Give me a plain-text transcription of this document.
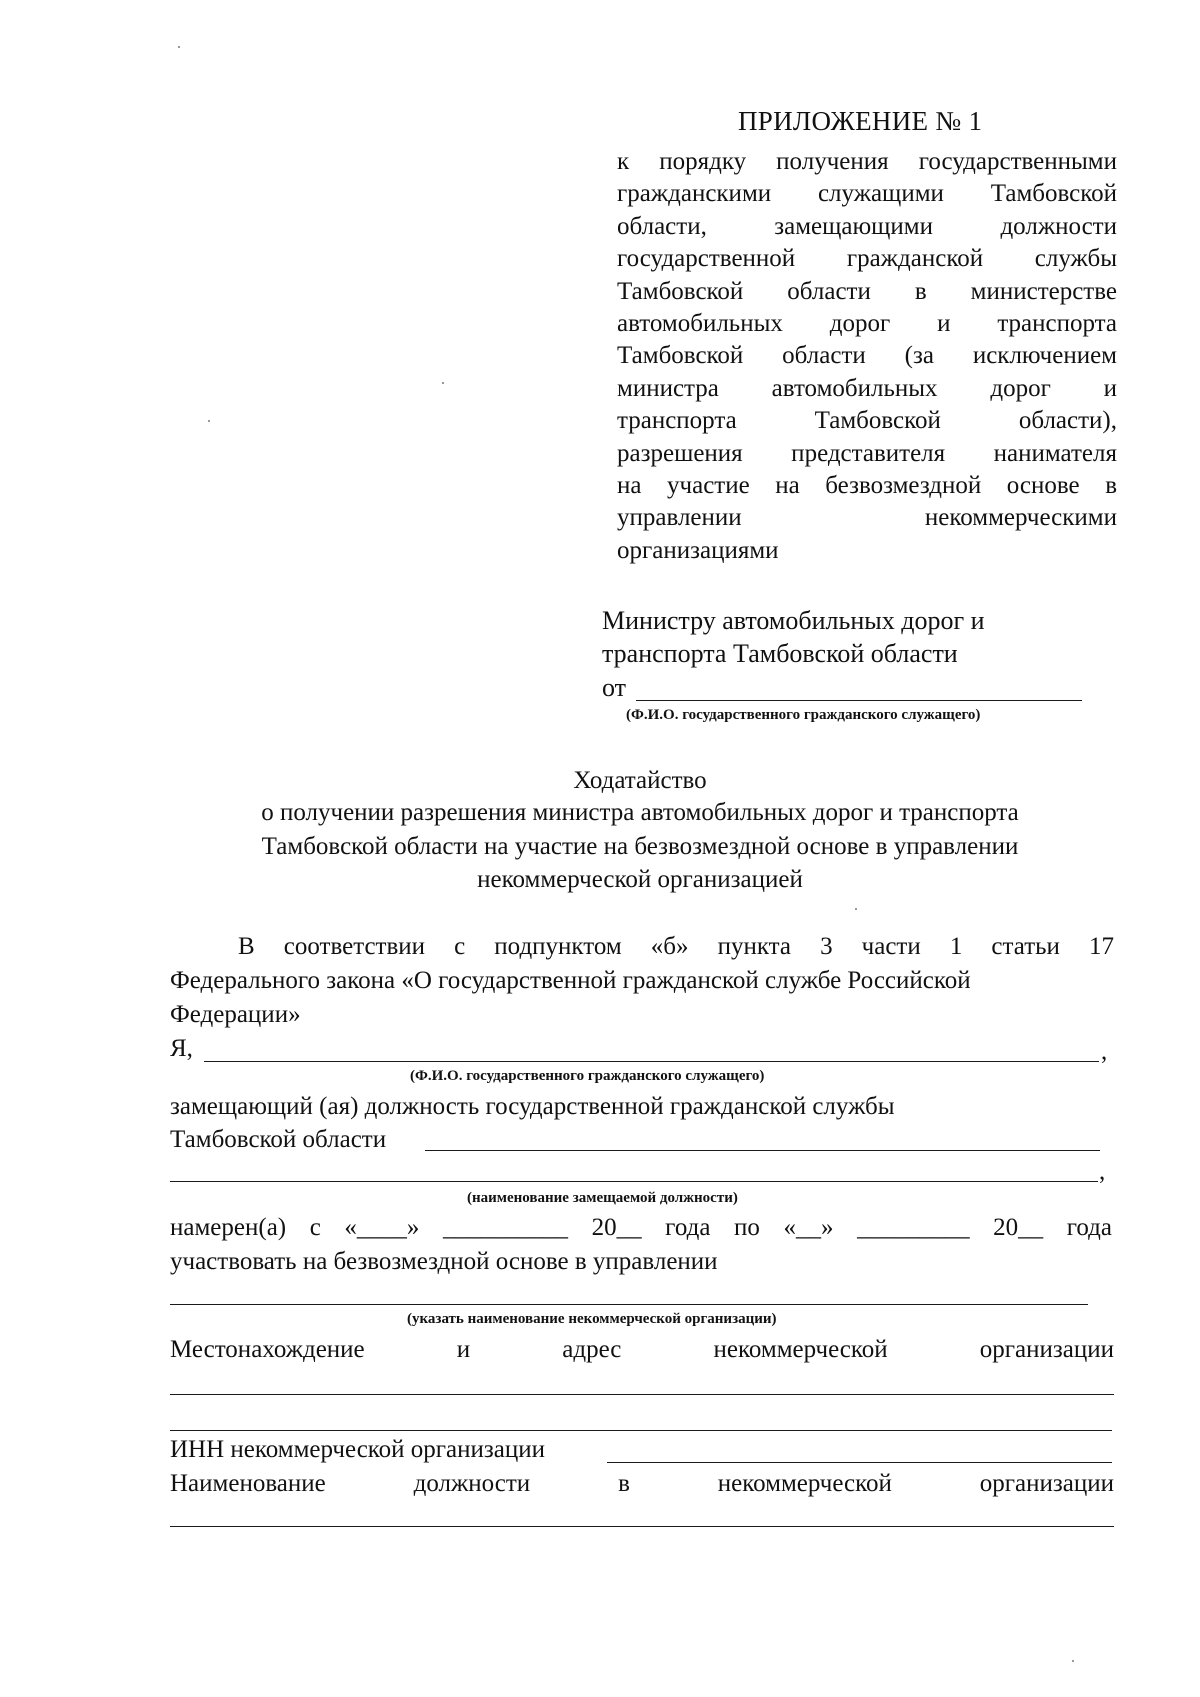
ПРИЛОЖЕНИЕ № 1
к порядку получения государственными
гражданскими служащими Тамбовской
области, замещающими должности
государственной гражданской службы
Тамбовской области в министерстве
автомобильных дорог и транспорта
Тамбовской области (за исключением
министра автомобильных дорог и
транспорта Тамбовской области),
разрешения представителя нанимателя
на участие на безвозмездной основе в
управлении некоммерческими
организациями
Министру автомобильных дорог и
транспорта Тамбовской области
от
(Ф.И.О. государственного гражданского служащего)
Ходатайство
о получении разрешения министра автомобильных дорог и транспорта
Тамбовской области на участие на безвозмездной основе в управлении
некоммерческой организацией
В соответствии с подпунктом «б» пункта 3 части 1 статьи 17
Федерального закона «О государственной гражданской службе Российской
Федерации»
Я,	,
(Ф.И.О. государственного гражданского служащего)
замещающий (ая) должность государственной гражданской службы
Тамбовской области
,
(наименование замещаемой должности)
намерен(а) с «____» __________ 20__ года по «__» _________ 20__ года
участвовать на безвозмездной основе в управлении
(указать наименование некоммерческой организации)
Местонахождение и адрес некоммерческой организации
ИНН некоммерческой организации
Наименование должности в некоммерческой организации
